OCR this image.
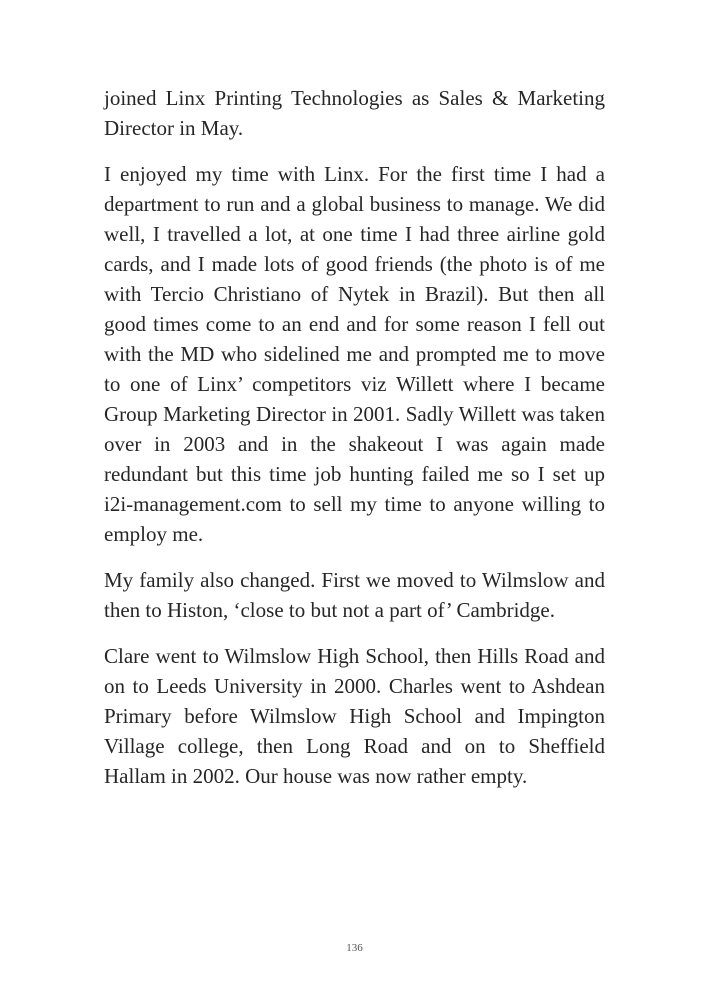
joined Linx Printing Technologies as Sales & Marketing Director in May.

I enjoyed my time with Linx. For the first time I had a department to run and a global business to manage. We did well, I travelled a lot, at one time I had three airline gold cards, and I made lots of good friends (the photo is of me with Tercio Christiano of Nytek in Brazil). But then all good times come to an end and for some reason I fell out with the MD who sidelined me and prompted me to move to one of Linx’ competitors viz Willett where I became Group Marketing Director in 2001. Sadly Willett was taken over in 2003 and in the shakeout I was again made redundant but this time job hunting failed me so I set up i2i-management.com to sell my time to anyone willing to employ me.

My family also changed. First we moved to Wilmslow and then to Histon, ‘close to but not a part of’ Cambridge.

Clare went to Wilmslow High School, then Hills Road and on to Leeds University in 2000. Charles went to Ashdean Primary before Wilmslow High School and Impington Village college, then Long Road and on to Sheffield Hallam in 2002. Our house was now rather empty.

136
